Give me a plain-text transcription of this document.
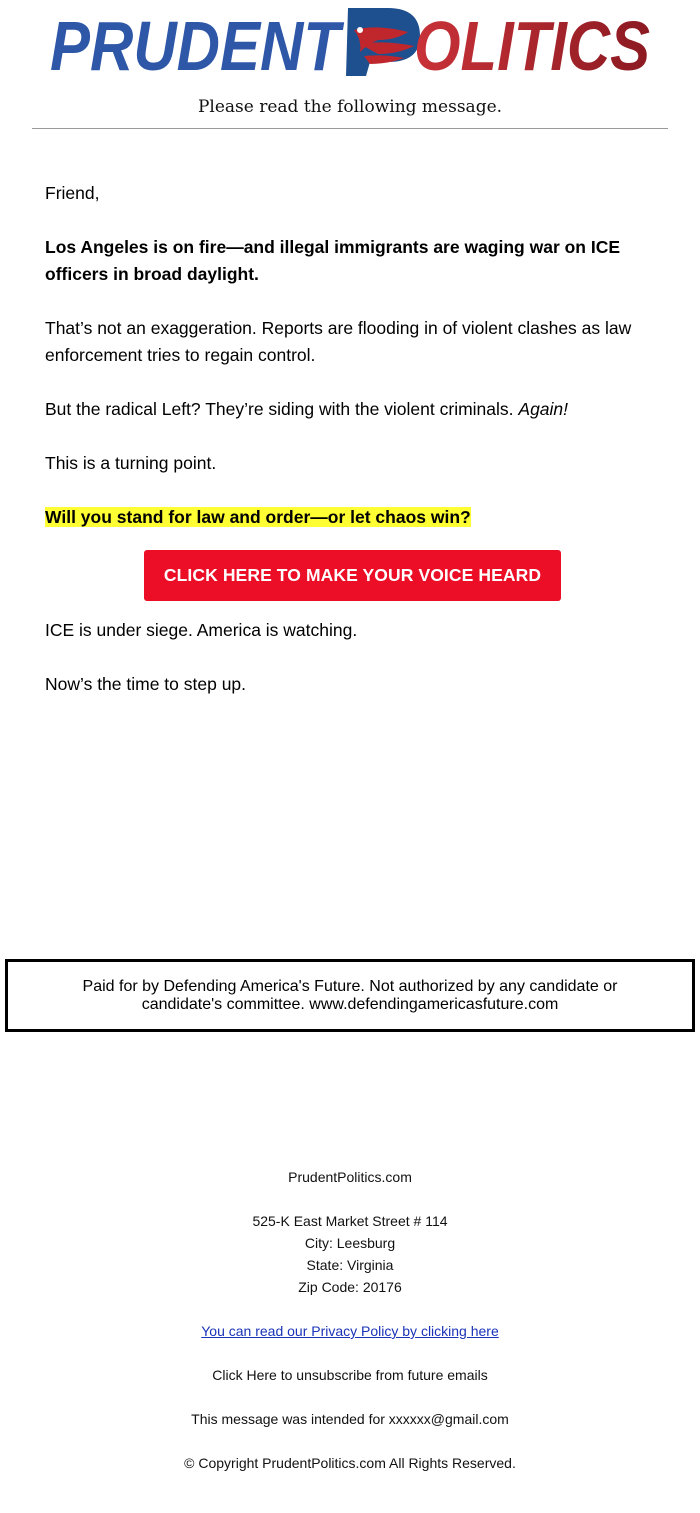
PRUDENT OLITICS
Please read the following message.

Friend,

Los Angeles is on fire—and illegal immigrants are waging war on ICE officers in broad daylight.

That’s not an exaggeration. Reports are flooding in of violent clashes as law enforcement tries to regain control.

But the radical Left? They’re siding with the violent criminals. Again!

This is a turning point.

Will you stand for law and order—or let chaos win?

CLICK HERE TO MAKE YOUR VOICE HEARD

ICE is under siege. America is watching.

Now’s the time to step up.

Paid for by Defending America's Future. Not authorized by any candidate or candidate's committee. www.defendingamericasfuture.com
PrudentPolitics.com
525-K East Market Street # 114
City: Leesburg
State: Virginia
Zip Code: 20176
You can read our Privacy Policy by clicking here
Click Here to unsubscribe from future emails
This message was intended for xxxxxx@gmail.com
© Copyright PrudentPolitics.com All Rights Reserved.
